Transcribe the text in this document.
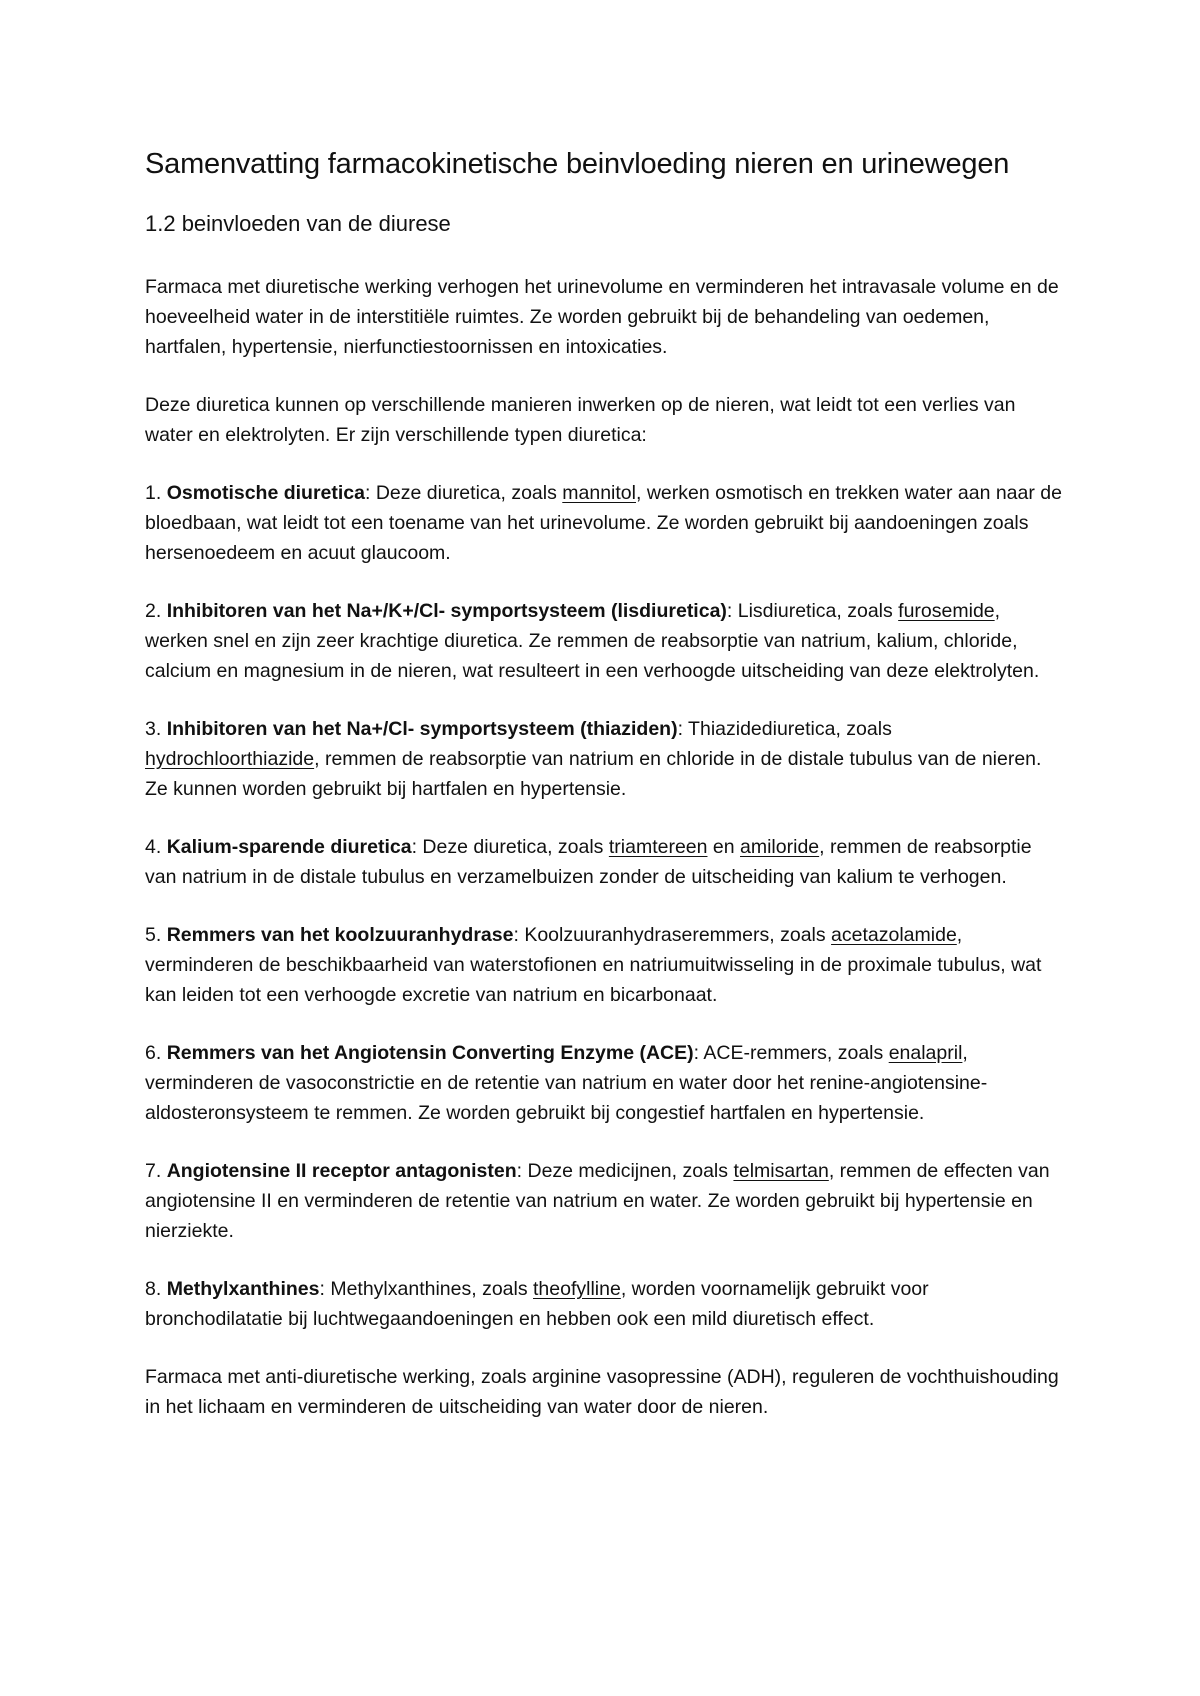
Samenvatting farmacokinetische beinvloeding nieren en urinewegen
1.2 beinvloeden van de diurese

Farmaca met diuretische werking verhogen het urinevolume en verminderen het intravasale volume en de hoeveelheid water in de interstitiële ruimtes. Ze worden gebruikt bij de behandeling van oedemen, hartfalen, hypertensie, nierfunctiestoornissen en intoxicaties.

Deze diuretica kunnen op verschillende manieren inwerken op de nieren, wat leidt tot een verlies van water en elektrolyten. Er zijn verschillende typen diuretica:

1. Osmotische diuretica: Deze diuretica, zoals mannitol, werken osmotisch en trekken water aan naar de bloedbaan, wat leidt tot een toename van het urinevolume. Ze worden gebruikt bij aandoeningen zoals hersenoedeem en acuut glaucoom.

2. Inhibitoren van het Na+/K+/Cl- symportsysteem (lisdiuretica): Lisdiuretica, zoals furosemide, werken snel en zijn zeer krachtige diuretica. Ze remmen de reabsorptie van natrium, kalium, chloride, calcium en magnesium in de nieren, wat resulteert in een verhoogde uitscheiding van deze elektrolyten.

3. Inhibitoren van het Na+/Cl- symportsysteem (thiaziden): Thiazidediuretica, zoals hydrochloorthiazide, remmen de reabsorptie van natrium en chloride in de distale tubulus van de nieren. Ze kunnen worden gebruikt bij hartfalen en hypertensie.

4. Kalium-sparende diuretica: Deze diuretica, zoals triamtereen en amiloride, remmen de reabsorptie van natrium in de distale tubulus en verzamelbuizen zonder de uitscheiding van kalium te verhogen.

5. Remmers van het koolzuuranhydrase: Koolzuuranhydraseremmers, zoals acetazolamide, verminderen de beschikbaarheid van waterstofionen en natriumuitwisseling in de proximale tubulus, wat kan leiden tot een verhoogde excretie van natrium en bicarbonaat.

6. Remmers van het Angiotensin Converting Enzyme (ACE): ACE-remmers, zoals enalapril, verminderen de vasoconstrictie en de retentie van natrium en water door het renine-angiotensine-aldosteronsysteem te remmen. Ze worden gebruikt bij congestief hartfalen en hypertensie.

7. Angiotensine II receptor antagonisten: Deze medicijnen, zoals telmisartan, remmen de effecten van angiotensine II en verminderen de retentie van natrium en water. Ze worden gebruikt bij hypertensie en nierziekte.

8. Methylxanthines: Methylxanthines, zoals theofylline, worden voornamelijk gebruikt voor bronchodilatatie bij luchtwegaandoeningen en hebben ook een mild diuretisch effect.

Farmaca met anti-diuretische werking, zoals arginine vasopressine (ADH), reguleren de vochthuishouding in het lichaam en verminderen de uitscheiding van water door de nieren.
